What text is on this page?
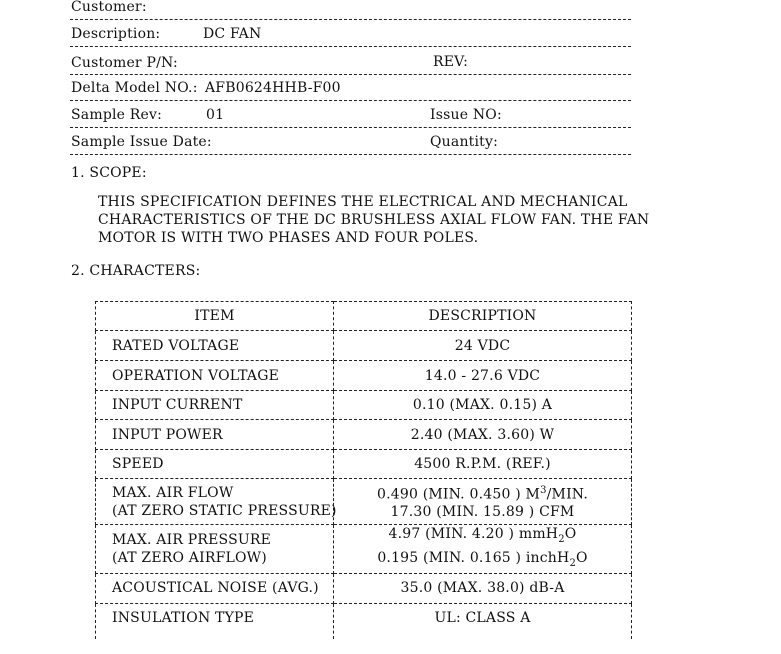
Customer:
Description:	DC FAN
Customer P/N:	REV:
Delta Model NO.: AFB0624HHB-F00
Sample Rev:	01	Issue NO:
Sample Issue Date:	Quantity:
1. SCOPE:
THIS SPECIFICATION DEFINES THE ELECTRICAL AND MECHANICAL
CHARACTERISTICS OF THE DC BRUSHLESS AXIAL FLOW FAN. THE FAN
MOTOR IS WITH TWO PHASES AND FOUR POLES.
2. CHARACTERS:
ITEM	DESCRIPTION
RATED VOLTAGE	24 VDC
OPERATION VOLTAGE	14.0 - 27.6 VDC
INPUT CURRENT	0.10 (MAX. 0.15) A
INPUT POWER	2.40 (MAX. 3.60) W
SPEED	4500 R.P.M. (REF.)

MAX. AIR FLOW
(AT ZERO STATIC PRESSURE)	0.490 (MIN. 0.450 ) $M^3$/MIN.
17.30 (MIN. 15.89 ) CFM

MAX. AIR PRESSURE
(AT ZERO AIRFLOW)	4.97 (MIN. 4.20 ) mmH$_2$O
0.195 (MIN. 0.165 ) inchH$_2$O

ACOUSTICAL NOISE (AVG.)	35.0 (MAX. 38.0) dB-A
INSULATION TYPE	UL: CLASS A
